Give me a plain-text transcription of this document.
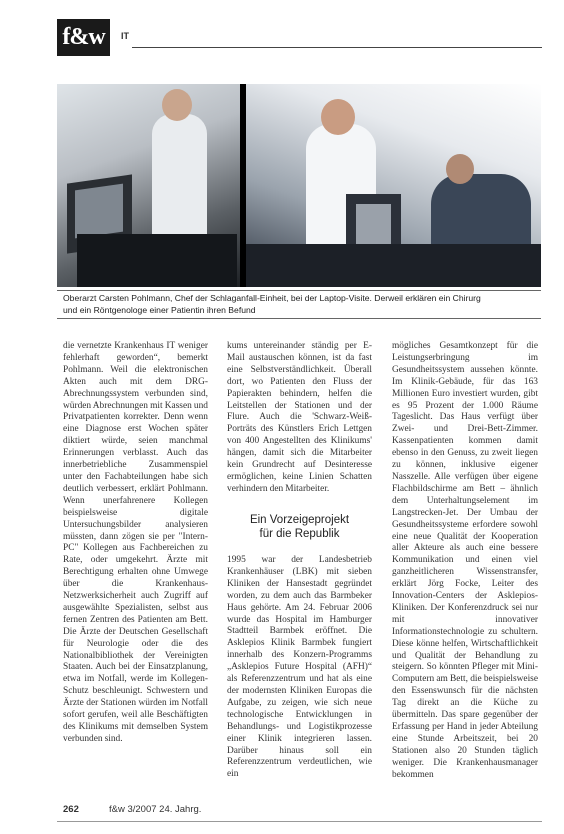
f&w	IT
Oberarzt Carsten Pohlmann, Chef der Schlaganfall-Einheit, bei der Laptop-Visite. Derweil erklären ein Chirurg
und ein Röntgenologe einer Patientin ihren Befund
die vernetzte Krankenhaus IT weniger fehlerhaft geworden“, bemerkt Pohlmann. Weil die elektronischen Akten auch mit dem DRG-Abrechnungssystem verbunden sind, würden Abrechnungen mit Kassen und Privatpatienten korrekter. Denn wenn eine Diagnose erst Wochen später diktiert würde, seien manchmal Erinnerungen verblasst. Auch das innerbetriebliche Zusammenspiel unter den Fachabteilungen habe sich deutlich verbessert, erklärt Pohlmann. Wenn unerfahrenere Kollegen beispielsweise digitale Untersuchungsbilder analysieren müssten, dann zögen sie per "Intern-PC" Kollegen aus Fachbereichen zu Rate, oder umgekehrt. Ärzte mit Berechtigung erhalten ohne Umwege über die Krankenhaus-Netzwerksicherheit auch Zugriff auf ausgewählte Spezialisten, selbst aus fernen Zentren des Patienten am Bett. Die Ärzte der Deutschen Gesellschaft für Neurologie oder die des Nationalbibliothek der Vereinigten Staaten. Auch bei der Einsatzplanung, etwa im Notfall, werde im Kollegen-Schutz beschleunigt. Schwestern und Ärzte der Stationen würden im Notfall sofort gerufen, weil alle Beschäftigten des Klinikums mit demselben System verbunden sind.
kums untereinander ständig per E-Mail austauschen können, ist da fast eine Selbstverständlichkeit. Überall dort, wo Patienten den Fluss der Papierakten behindern, helfen die Leitstellen der Stationen und der Flure. Auch die 'Schwarz-Weiß-Porträts des Künstlers Erich Lettgen von 400 Angestellten des Klinikums' hängen, damit sich die Mitarbeiter kein Grundrecht auf Desinteresse ermöglichen, keine Linien Schatten verhindern den Mitarbeiter.
Ein Vorzeigeprojekt
für die Republik
1995 war der Landesbetrieb Krankenhäuser (LBK) mit sieben Kliniken der Hansestadt gegründet worden, zu dem auch das Barmbeker Haus gehörte. Am 24. Februar 2006 wurde das Hospital im Hamburger Stadtteil Barmbek eröffnet. Die Asklepios Klinik Barmbek fungiert innerhalb des Konzern-Programms „Asklepios Future Hospital (AFH)“ als Referenzzentrum und hat als eine der modernsten Kliniken Europas die Aufgabe, zu zeigen, wie sich neue technologische Entwicklungen in Behandlungs- und Logistikprozesse einer Klinik integrieren lassen. Darüber hinaus soll ein Referenzzentrum verdeutlichen, wie ein
mögliches Gesamtkonzept für die Leistungserbringung im Gesundheitssystem aussehen könnte. Im Klinik-Gebäude, für das 163 Millionen Euro investiert wurden, gibt es 95 Prozent der 1.000 Räume Tageslicht. Das Haus verfügt über Zwei- und Drei-Bett-Zimmer. Kassenpatienten kommen damit ebenso in den Genuss, zu zweit liegen zu können, inklusive eigener Nasszelle. Alle verfügen über eigene Flachbildschirme am Bett – ähnlich dem Unterhaltungselement im Langstrecken-Jet. Der Umbau der Gesundheitssysteme erfordere sowohl eine neue Qualität der Kooperation aller Akteure als auch eine bessere Kommunikation und einen viel ganzheitlicheren Wissenstransfer, erklärt Jörg Focke, Leiter des Innovation-Centers der Asklepios-Kliniken. Der Konferenzdruck sei nur mit innovativer Informationstechnologie zu schultern. Diese könne helfen, Wirtschaftlichkeit und Qualität der Behandlung zu steigern. So könnten Pfleger mit Mini-Computern am Bett, die beispielsweise den Essenswunsch für die nächsten Tag direkt an die Küche zu übermitteln. Das spare gegenüber der Erfassung per Hand in jeder Abteilung eine Stunde Arbeitszeit, bei 20 Stationen also 20 Stunden täglich weniger. Die Krankenhausmanager bekommen
262	f&w 3/2007 24. Jahrg.
